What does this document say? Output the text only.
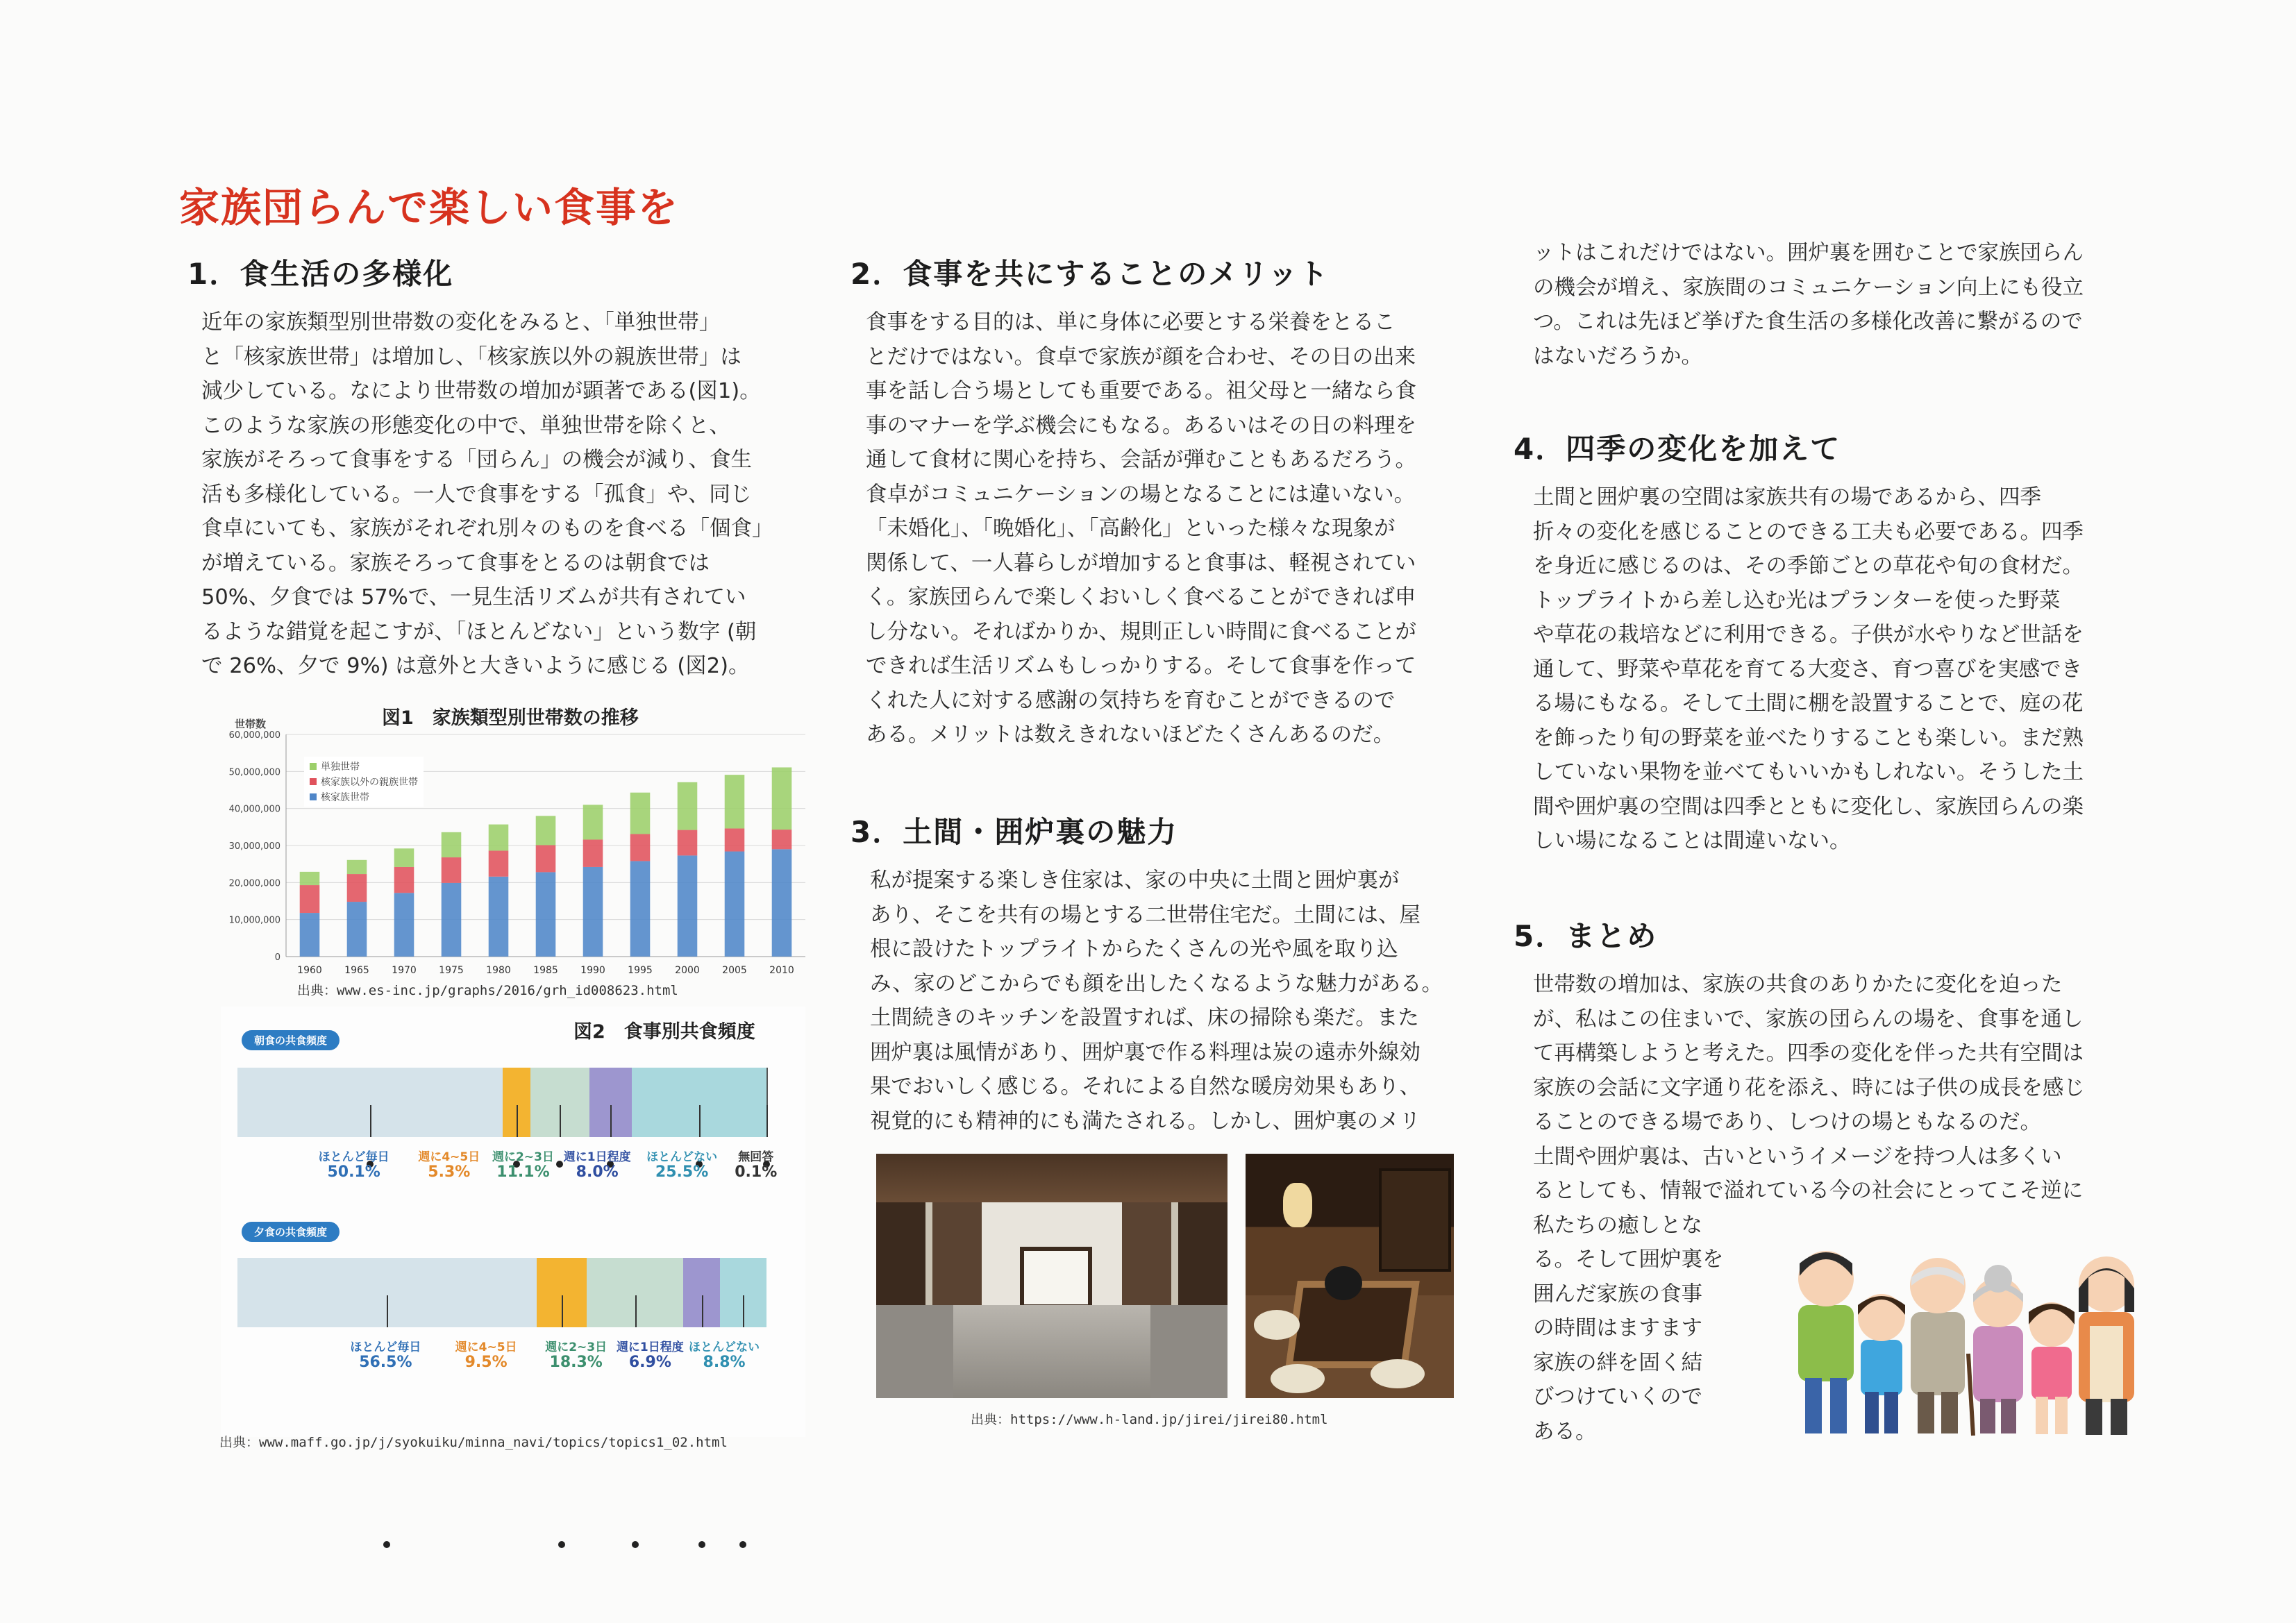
家族団らんで楽しい食事を
1．食生活の多様化

近年の家族類型別世帯数の変化をみると、「単独世帯」
と「核家族世帯」は増加し、「核家族以外の親族世帯」は
減少している。なにより世帯数の増加が顕著である(図1)。

このような家族の形態変化の中で、単独世帯を除くと、
家族がそろって食事をする「団らん」の機会が減り、食生
活も多様化している。一人で食事をする「孤食」や、同じ
食卓にいても、家族がそれぞれ別々のものを食べる「個食」
が増えている。家族そろって食事をとるのは朝食では
50%、夕食では 57%で、一見生活リズムが共有されてい
るような錯覚を起こすが、「ほとんどない」という数字 (朝
で 26%、夕で 9%) は意外と大きいように感じる (図2)。

世帯数	図1　家族類型別世帯数の推移
0
10,000,000
20,000,000
30,000,000
40,000,000
50,000,000
60,000,000
1960 1965 1970 1975 1980 1985 1990 1995 2000 2005 2010
単独世帯
核家族以外の親族世帯
核家族世帯
出典：www.es-inc.jp/graphs/2016/grh_id008623.html
図2　食事別共食頻度
朝食の共食頻度
ほとんど毎日
50.1%
週に4~5日
5.3%
週に2~3日
11.1%
週に1日程度
8.0%
ほとんどない
25.5%
無回答
0.1%
夕食の共食頻度
ほとんど毎日
56.5%
週に4~5日
9.5%
週に2~3日
18.3%
週に1日程度
6.9%
ほとんどない
8.8%
出典：www.maff.go.jp/j/syokuiku/minna_navi/topics/topics1_02.html
2．食事を共にすることのメリット

食事をする目的は、単に身体に必要とする栄養をとるこ
とだけではない。食卓で家族が顔を合わせ、その日の出来
事を話し合う場としても重要である。祖父母と一緒なら食
事のマナーを学ぶ機会にもなる。あるいはその日の料理を
通して食材に関心を持ち、会話が弾むこともあるだろう。
食卓がコミュニケーションの場となることには違いない。

「未婚化」、「晩婚化」、「高齢化」といった様々な現象が
関係して、一人暮らしが増加すると食事は、軽視されてい
く。家族団らんで楽しくおいしく食べることができれば申
し分ない。そればかりか、規則正しい時間に食べることが
できれば生活リズムもしっかりする。そして食事を作って
くれた人に対する感謝の気持ちを育むことができるので
ある。メリットは数えきれないほどたくさんあるのだ。

3．土間・囲炉裏の魅力

私が提案する楽しき住家は、家の中央に土間と囲炉裏が
あり、そこを共有の場とする二世帯住宅だ。土間には、屋
根に設けたトップライトからたくさんの光や風を取り込
み、家のどこからでも顔を出したくなるような魅力がある。
土間続きのキッチンを設置すれば、床の掃除も楽だ。また
囲炉裏は風情があり、囲炉裏で作る料理は炭の遠赤外線効
果でおいしく感じる。それによる自然な暖房効果もあり、
視覚的にも精神的にも満たされる。しかし、囲炉裏のメリ

出典：https://www.h-land.jp/jirei/jirei80.html

ットはこれだけではない。囲炉裏を囲むことで家族団らん
の機会が増え、家族間のコミュニケーション向上にも役立
つ。これは先ほど挙げた食生活の多様化改善に繋がるので
はないだろうか。

4．四季の変化を加えて

土間と囲炉裏の空間は家族共有の場であるから、四季
折々の変化を感じることのできる工夫も必要である。四季
を身近に感じるのは、その季節ごとの草花や旬の食材だ。
トップライトから差し込む光はプランターを使った野菜
や草花の栽培などに利用できる。子供が水やりなど世話を
通して、野菜や草花を育てる大変さ、育つ喜びを実感でき
る場にもなる。そして土間に棚を設置することで、庭の花
を飾ったり旬の野菜を並べたりすることも楽しい。まだ熟
していない果物を並べてもいいかもしれない。そうした土
間や囲炉裏の空間は四季とともに変化し、家族団らんの楽
しい場になることは間違いない。

5．まとめ

世帯数の増加は、家族の共食のありかたに変化を迫った
が、私はこの住まいで、家族の団らんの場を、食事を通し
て再構築しようと考えた。四季の変化を伴った共有空間は
家族の会話に文字通り花を添え、時には子供の成長を感じ
ることのできる場であり、しつけの場ともなるのだ。

土間や囲炉裏は、古いというイメージを持つ人は多くい
るとしても、情報で溢れている今の社会にとってこそ逆に

私たちの癒しとな
る。そして囲炉裏を
囲んだ家族の食事
の時間はますます
家族の絆を固く結
びつけていくので
ある。
